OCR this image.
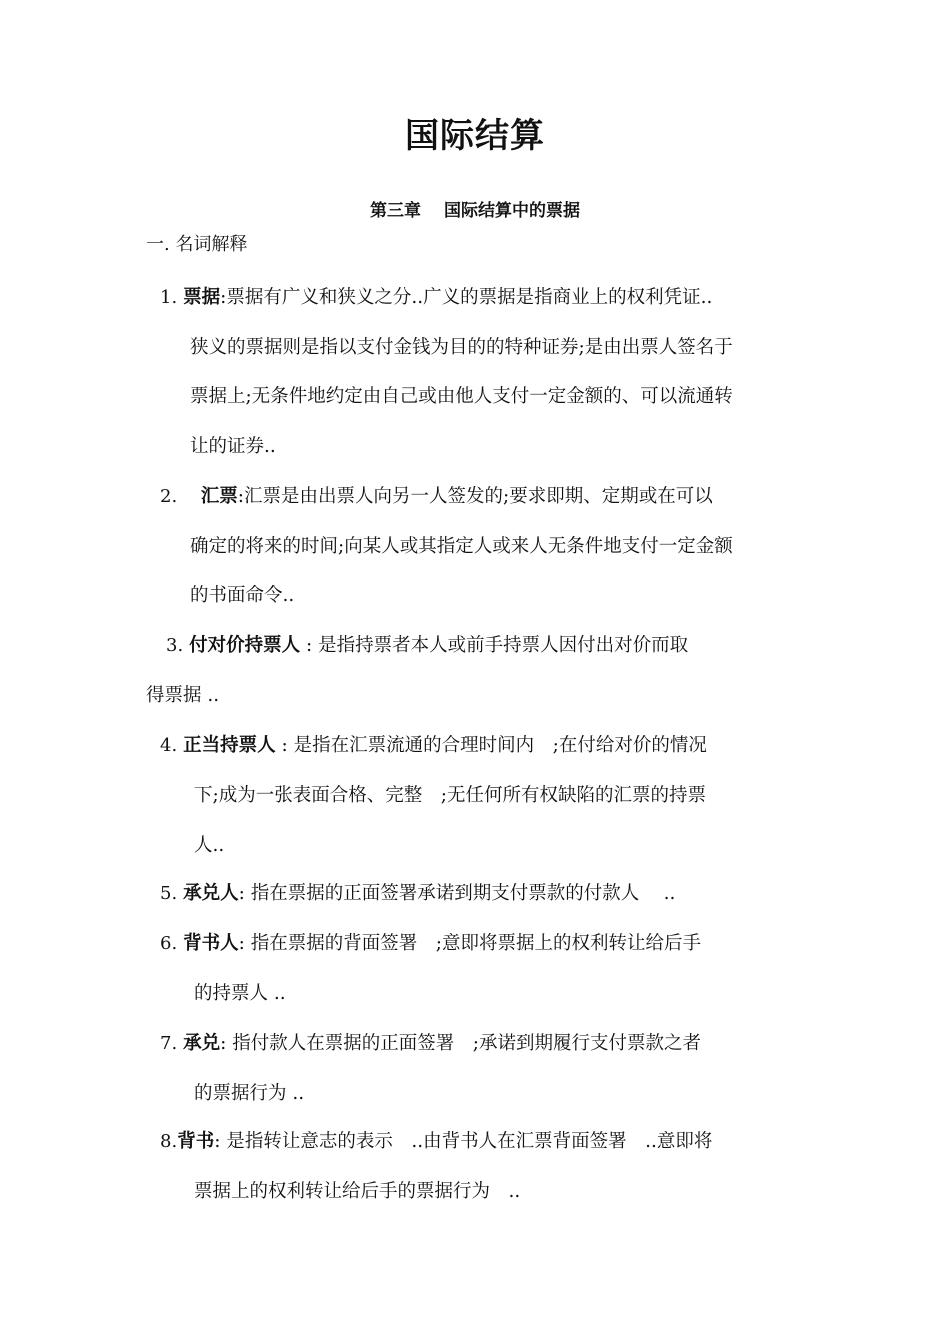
国际结算
第三章　 国际结算中的票据
一. 名词解释
1. 票据:票据有广义和狭义之分..广义的票据是指商业上的权利凭证..
狭义的票据则是指以支付金钱为目的的特种证券;是由出票人签名于
票据上;无条件地约定由自己或由他人支付一定金额的、可以流通转
让的证券..
2. 汇票:汇票是由出票人向另一人签发的;要求即期、定期或在可以
确定的将来的时间;向某人或其指定人或来人无条件地支付一定金额
的书面命令..
3. 付对价持票人 : 是指持票者本人或前手持票人因付出对价而取
得票据 ..
4. 正当持票人 : 是指在汇票流通的合理时间内　;在付给对价的情况
下;成为一张表面合格、完整　;无任何所有权缺陷的汇票的持票
人..
5. 承兑人: 指在票据的正面签署承诺到期支付票款的付款人　 ..
6. 背书人: 指在票据的背面签署　;意即将票据上的权利转让给后手
的持票人 ..
7. 承兑: 指付款人在票据的正面签署　;承诺到期履行支付票款之者
的票据行为 ..
8.背书: 是指转让意志的表示　..由背书人在汇票背面签署　..意即将
票据上的权利转让给后手的票据行为　..
